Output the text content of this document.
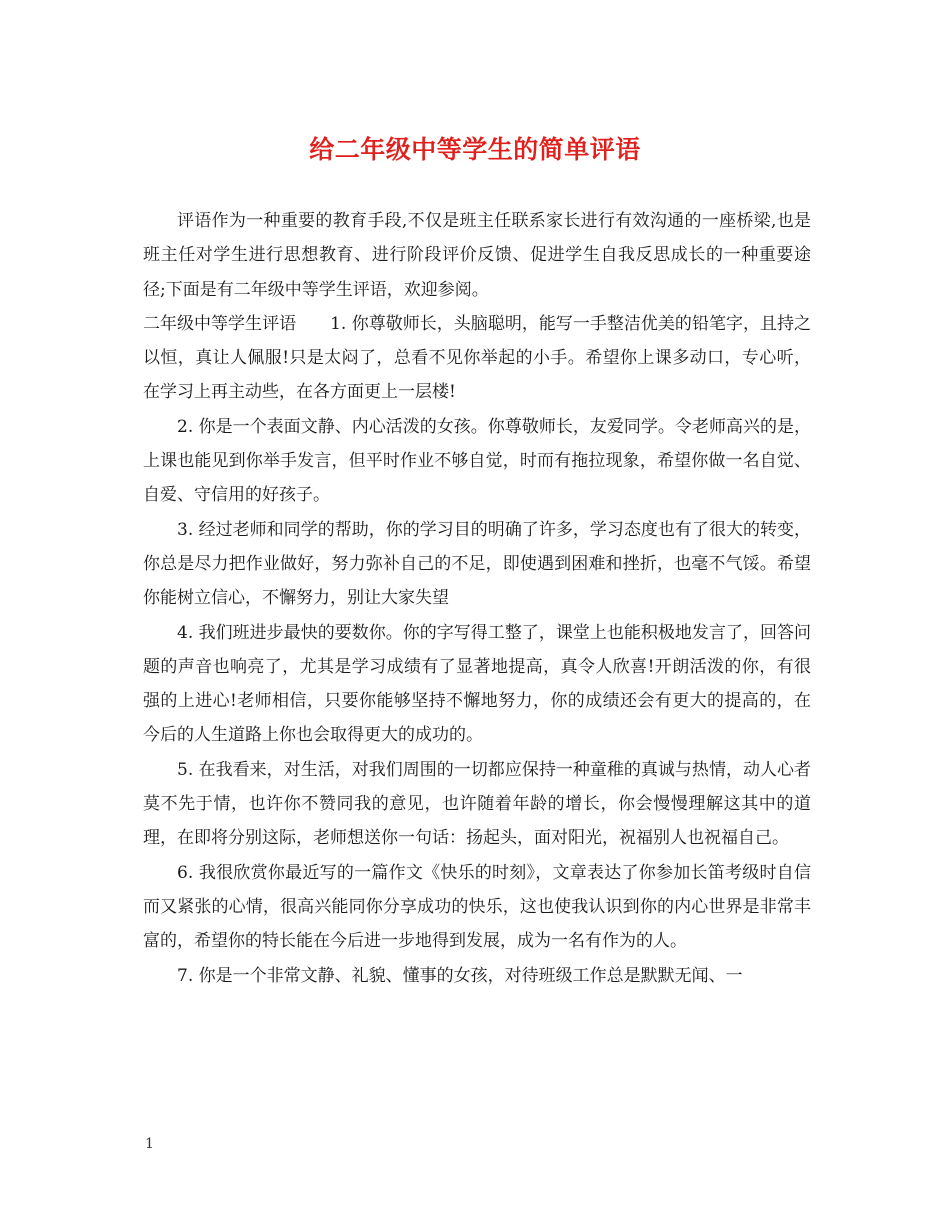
给二年级中等学生的简单评语

评语作为一种重要的教育手段,不仅是班主任联系家长进行有效沟通的一座桥梁,也是班主任对学生进行思想教育、进行阶段评价反馈、促进学生自我反思成长的一种重要途径;下面是有二年级中等学生评语，欢迎参阅。

二年级中等学生评语　　1. 你尊敬师长，头脑聪明，能写一手整洁优美的铅笔字，且持之以恒，真让人佩服!只是太闷了，总看不见你举起的小手。希望你上课多动口，专心听，在学习上再主动些，在各方面更上一层楼!

2. 你是一个表面文静、内心活泼的女孩。你尊敬师长，友爱同学。令老师高兴的是，上课也能见到你举手发言，但平时作业不够自觉，时而有拖拉现象，希望你做一名自觉、自爱、守信用的好孩子。

3. 经过老师和同学的帮助，你的学习目的明确了许多，学习态度也有了很大的转变，你总是尽力把作业做好，努力弥补自己的不足，即使遇到困难和挫折，也毫不气馁。希望你能树立信心，不懈努力，别让大家失望

4. 我们班进步最快的要数你。你的字写得工整了，课堂上也能积极地发言了，回答问题的声音也响亮了，尤其是学习成绩有了显著地提高，真令人欣喜!开朗活泼的你，有很强的上进心!老师相信，只要你能够坚持不懈地努力，你的成绩还会有更大的提高的，在今后的人生道路上你也会取得更大的成功的。

5. 在我看来，对生活，对我们周围的一切都应保持一种童稚的真诚与热情，动人心者莫不先于情，也许你不赞同我的意见，也许随着年龄的增长，你会慢慢理解这其中的道理，在即将分别这际，老师想送你一句话：扬起头，面对阳光，祝福别人也祝福自己。

6. 我很欣赏你最近写的一篇作文《快乐的时刻》，文章表达了你参加长笛考级时自信而又紧张的心情，很高兴能同你分享成功的快乐，这也使我认识到你的内心世界是非常丰富的，希望你的特长能在今后进一步地得到发展，成为一名有作为的人。

7. 你是一个非常文静、礼貌、懂事的女孩，对待班级工作总是默默无闻、一

1
